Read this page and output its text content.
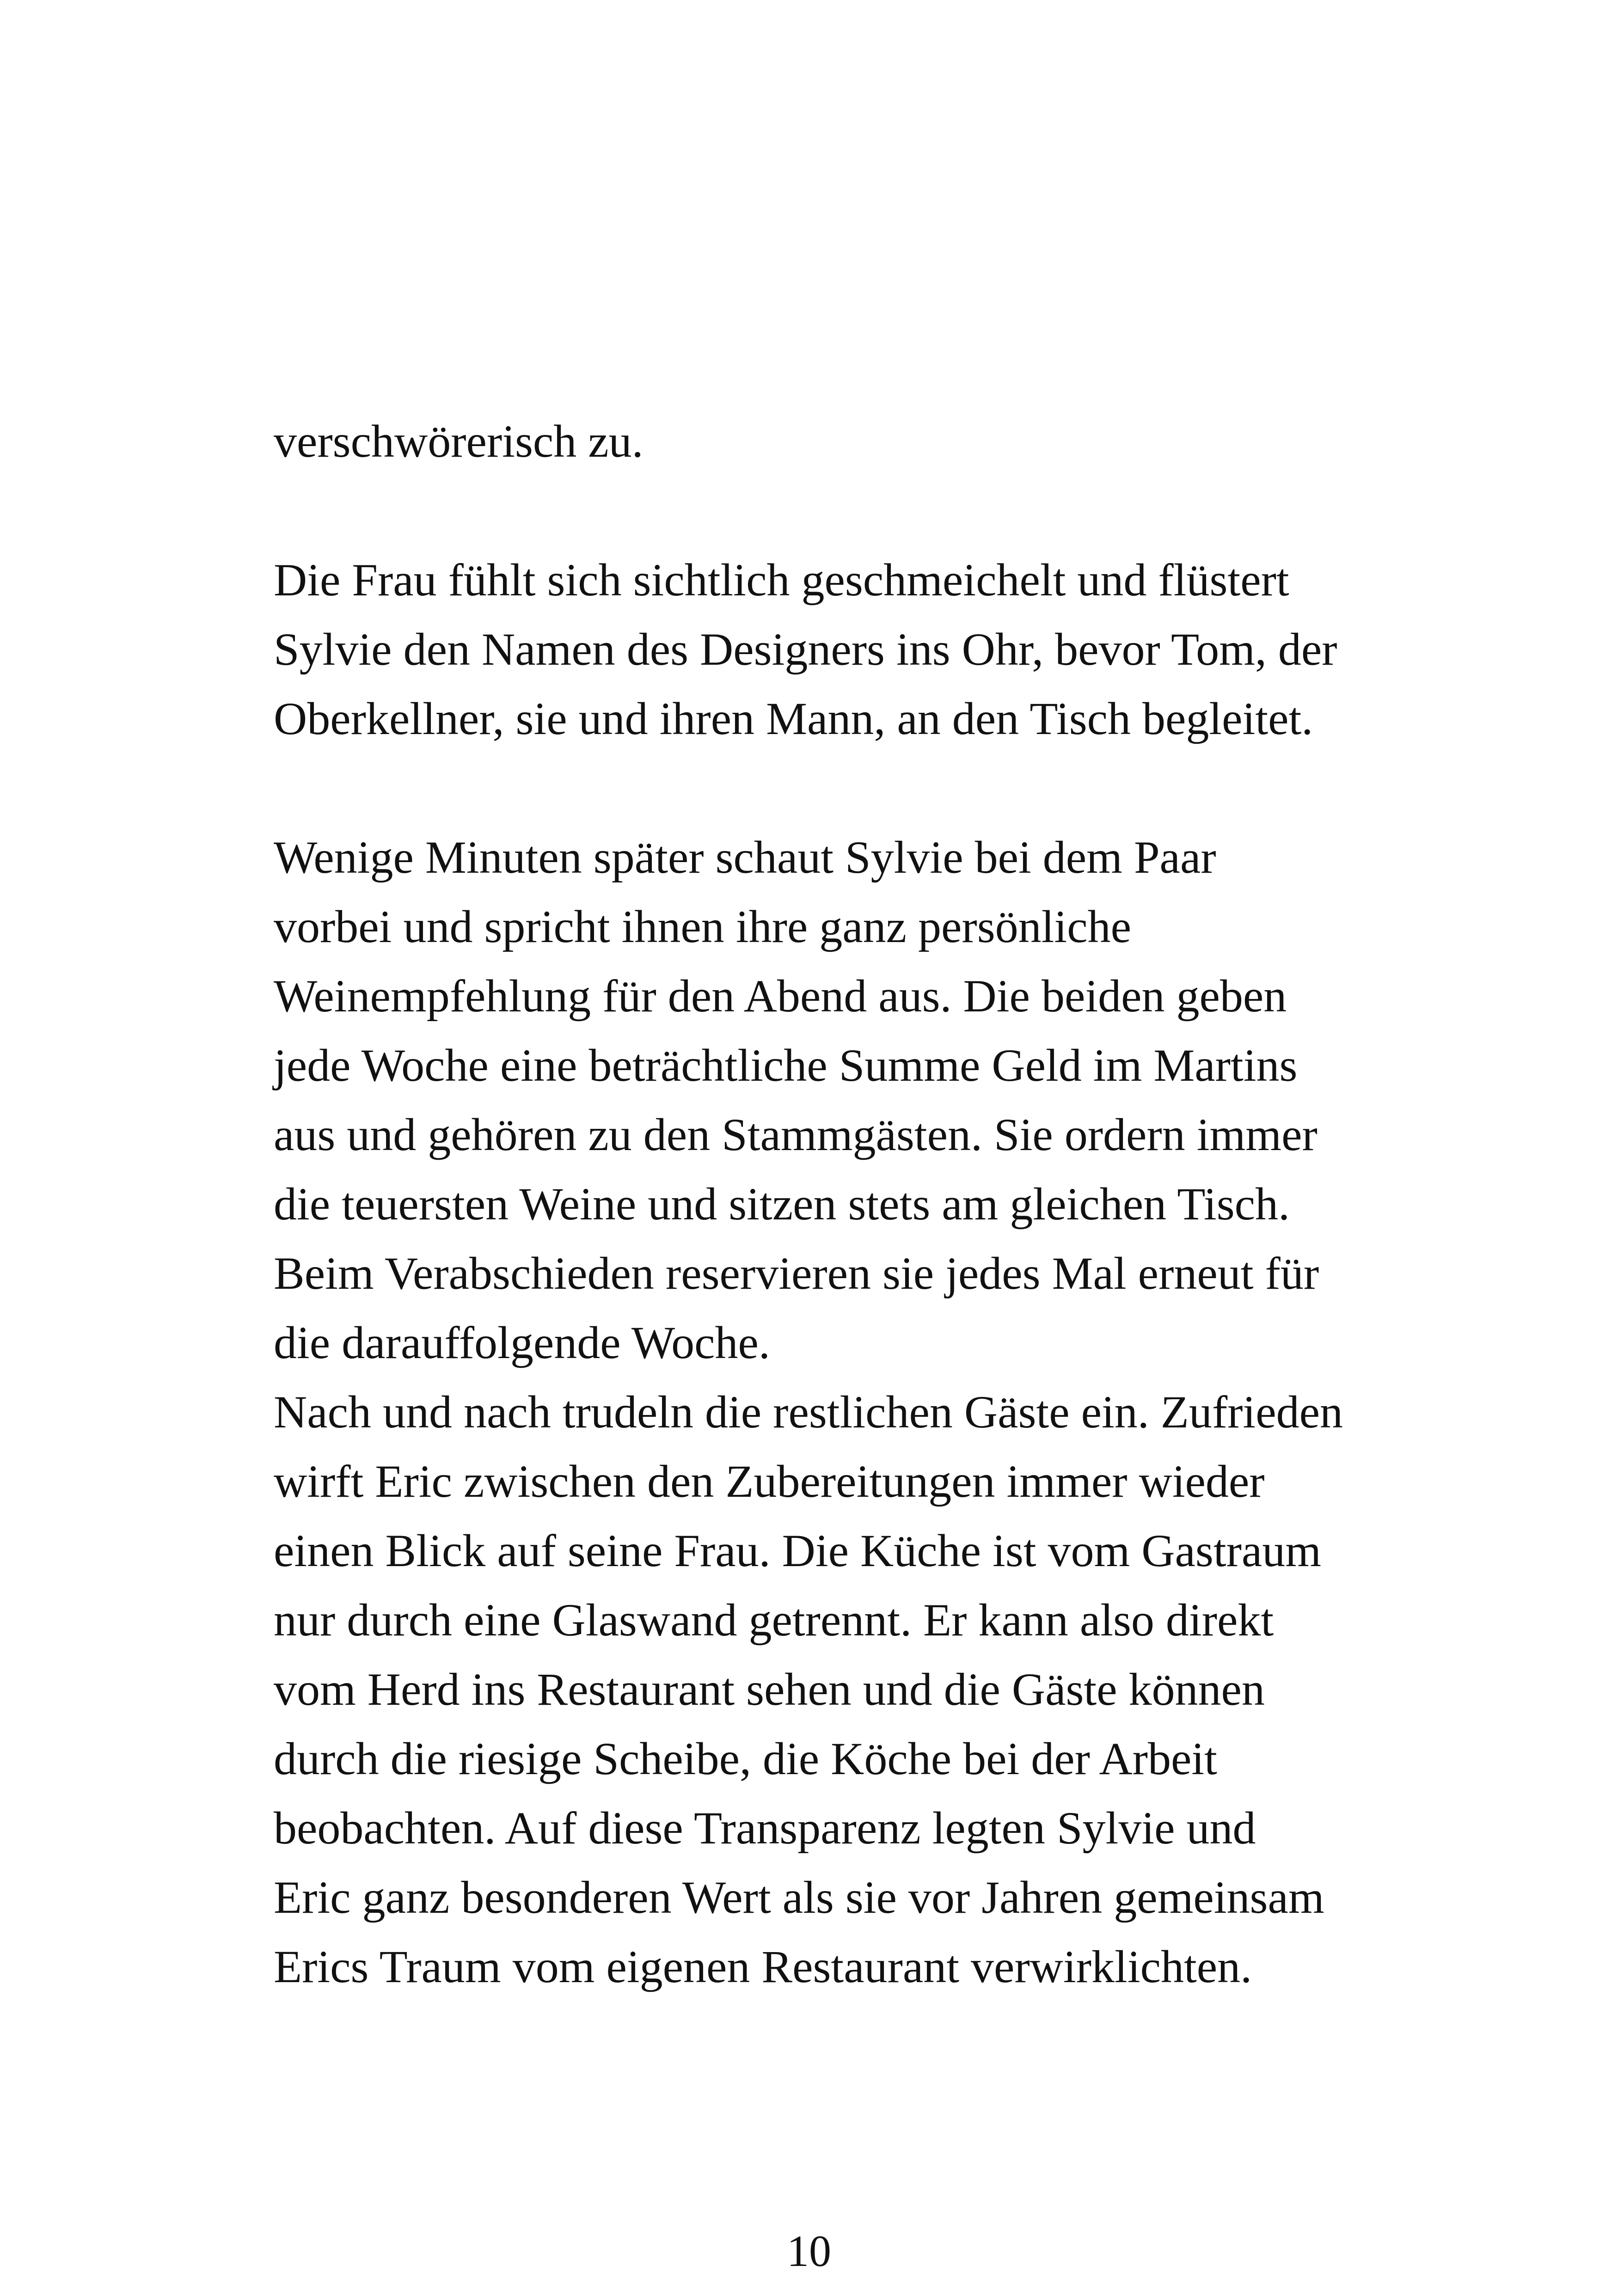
verschwörerisch zu.
Die Frau fühlt sich sichtlich geschmeichelt und flüstert
Sylvie den Namen des Designers ins Ohr, bevor Tom, der
Oberkellner, sie und ihren Mann, an den Tisch begleitet.
Wenige Minuten später schaut Sylvie bei dem Paar
vorbei und spricht ihnen ihre ganz persönliche
Weinempfehlung für den Abend aus. Die beiden geben
jede Woche eine beträchtliche Summe Geld im Martins
aus und gehören zu den Stammgästen. Sie ordern immer
die teuersten Weine und sitzen stets am gleichen Tisch.
Beim Verabschieden reservieren sie jedes Mal erneut für
die darauffolgende Woche.
Nach und nach trudeln die restlichen Gäste ein. Zufrieden
wirft Eric zwischen den Zubereitungen immer wieder
einen Blick auf seine Frau. Die Küche ist vom Gastraum
nur durch eine Glaswand getrennt. Er kann also direkt
vom Herd ins Restaurant sehen und die Gäste können
durch die riesige Scheibe, die Köche bei der Arbeit
beobachten. Auf diese Transparenz legten Sylvie und
Eric ganz besonderen Wert als sie vor Jahren gemeinsam
Erics Traum vom eigenen Restaurant verwirklichten.
10
